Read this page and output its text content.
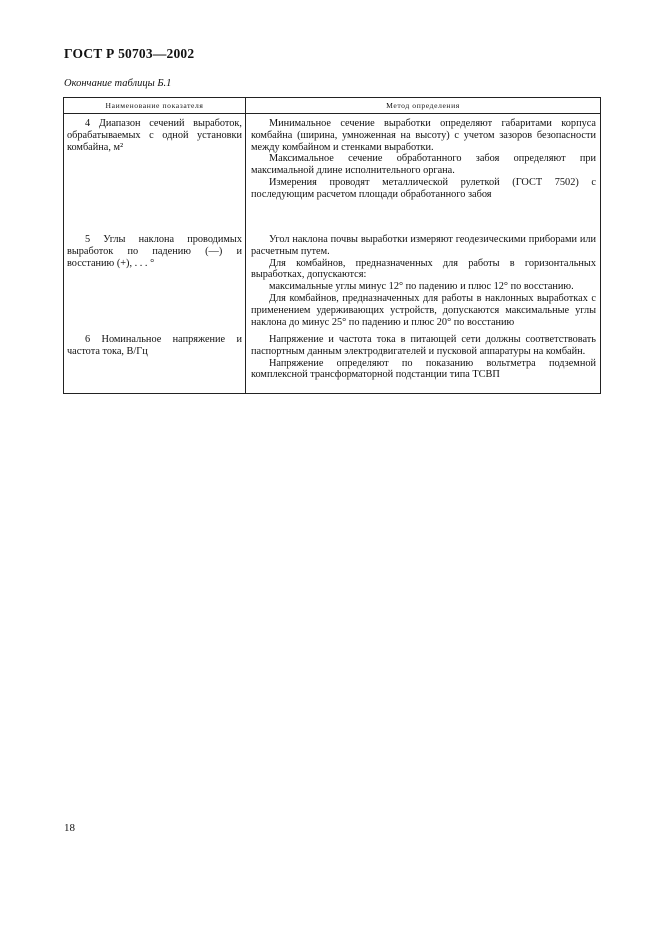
ГОСТ Р 50703—2002

Окончание таблицы Б.1

Наименование показателя	Метод определения

4 Диапазон сечений выработок, обрабатываемых с одной установки комбайна, м²	Минимальное сечение выработки определяют габаритами корпуса комбайна (ширина, умноженная на высоту) с учетом зазоров безопасности между комбайном и стенками выработки.
Максимальное сечение обработанного забоя определяют при максимальной длине исполнительного органа.
Измерения проводят металлической рулеткой (ГОСТ 7502) с последующим расчетом площади обработанного забоя

5 Углы наклона проводимых выработок по падению (—) и восстанию (+), . . . °	Угол наклона почвы выработки измеряют геодезическими приборами или расчетным путем.
Для комбайнов, предназначенных для работы в горизонтальных выработках, допускаются:
максимальные углы минус 12° по падению и плюс 12° по восстанию.
Для комбайнов, предназначенных для работы в наклонных выработках с применением удерживающих устройств, допускаются максимальные углы наклона до минус 25° по падению и плюс 20° по восстанию

6 Номинальное напряжение и частота тока, В/Гц	Напряжение и частота тока в питающей сети должны соответствовать паспортным данным электродвигателей и пусковой аппаратуры на комбайн.
Напряжение определяют по показанию вольтметра подземной комплексной трансформаторной подстанции типа ТСВП

18
